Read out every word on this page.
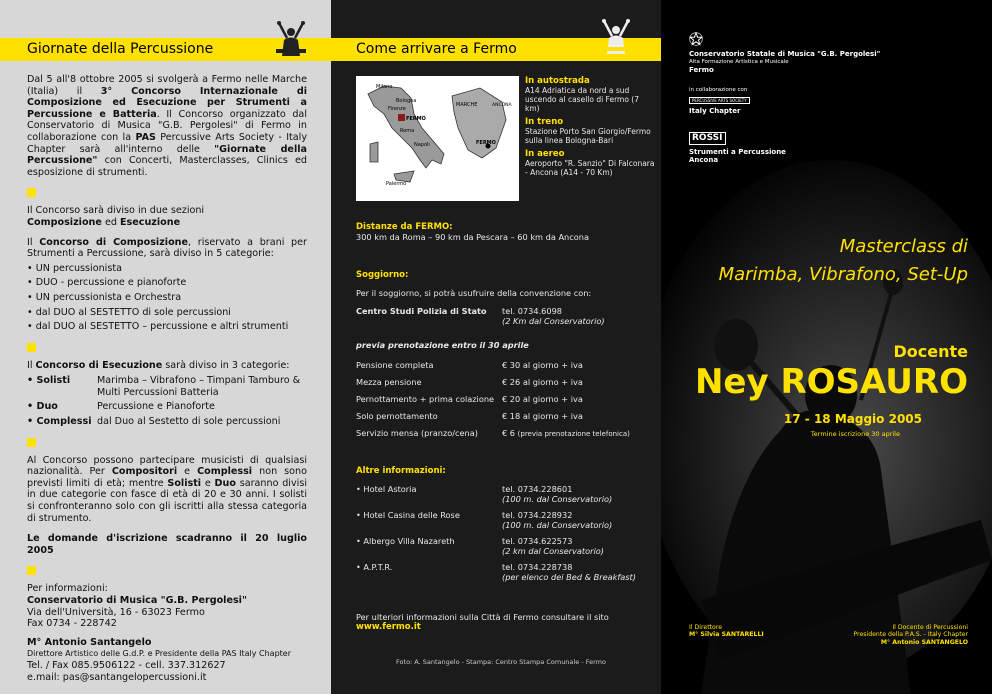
Giornate della Percussione

Dal 5 all'8 ottobre 2005 si svolgerà a Fermo nelle Marche (Italia) il 3° Concorso Internazionale di Composizione ed Esecuzione per Strumenti a Percussione e Batteria. Il Concorso organizzato dal Conservatorio di Musica "G.B. Pergolesi" di Fermo in collaborazione con la PAS Percussive Arts Society - Italy Chapter sarà all'interno delle "Giornate della Percussione" con Concerti, Masterclasses, Clinics ed esposizione di strumenti.

Il Concorso sarà diviso in due sezioni
Composizione ed Esecuzione

Il Concorso di Composizione, riservato a brani per Strumenti a Percussione, sarà diviso in 5 categorie:

• UN percussionista
• DUO - percussione e pianoforte
• UN percussionista e Orchestra
• dal DUO al SESTETTO di sole percussioni
• dal DUO al SESTETTO – percussione e altri strumenti

Il Concorso di Esecuzione sarà diviso in 3 categorie:

• Solisti	Marimba – Vibrafono – Timpani Tamburo & Multi Percussioni Batteria
• Duo	Percussione e Pianoforte
• Complessi dal Duo al Sestetto di sole percussioni

Al Concorso possono partecipare musicisti di qualsiasi nazionalità. Per Compositori e Complessi non sono previsti limiti di età; mentre Solisti e Duo saranno divisi in due categorie con fasce di età di 20 e 30 anni. I solisti si confronteranno solo con gli iscritti alla stessa categoria di strumento.

Le domande d'iscrizione scadranno il 20 luglio 2005

Per informazioni:

Conservatorio di Musica "G.B. Pergolesi"

Via dell'Università, 16 - 63023 Fermo

Fax 0734 - 228742

M° Antonio Santangelo

Direttore Artistico delle G.d.P. e Presidente della PAS Italy Chapter

Tel. / Fax 085.9506122 - cell. 337.312627

e.mail: pas@santangelopercussioni.it

Come arrivare a Fermo
Milano
Bologna
Firenze
FERMO
Roma
Napoli
Palermo
MARCHE	ANCONA
FERMO
In autostrada
A14 Adriatica da nord a sud uscendo al casello di Fermo (7 km)
In treno
Stazione Porto San Giorgio/Fermo sulla linea Bologna-Bari
In aereo
Aeroporto "R. Sanzio" Di Falconara - Ancona (A14 - 70 Km)
Distanze da FERMO:
300 km da Roma – 90 km da Pescara – 60 km da Ancona
Soggiorno:
Per il soggiorno, si potrà usufruire della convenzione con:
Centro Studi Polizia di Stato	tel. 0734.6098
(2 Km dal Conservatorio)
previa prenotazione entro il 30 aprile
Pensione completa	€ 30 al giorno + iva
Mezza pensione	€ 26 al giorno + iva
Pernottamento + prima colazione € 20 al giorno + iva
Solo pernottamento	€ 18 al giorno + iva
Servizio mensa (pranzo/cena)	€ 6 (previa prenotazione telefonica)
Altre informazioni:
• Hotel Astoria	tel. 0734.228601
(100 m. dal Conservatorio)
• Hotel Casina delle Rose	tel. 0734.228932
(100 m. dal Conservatorio)
• Albergo Villa Nazareth	tel. 0734.622573
(2 km dal Conservatorio)
• A.P.T.R.	tel. 0734.228738
(per elenco dei Bed & Breakfast)
Per ulteriori informazioni sulla Città di Fermo consultare il sito
www.fermo.it
Foto: A. Santangelo - Stampa: Centro Stampa Comunale - Fermo
Conservatorio Statale di Musica "G.B. Pergolesi"
Alta Formazione Artistica e Musicale
Fermo
in collaborazione con
PERCUSSIVE ARTS SOCIETY
Italy Chapter
ROSSI
Strumenti a Percussione
Ancona
Masterclass di
Marimba, Vibrafono, Set-Up
Docente
Ney ROSAURO
17 - 18 Maggio 2005
Termine iscrizione 30 aprile
Il Direttore
M° Silvia SANTARELLI
Il Docente di Percussioni
Presidente della P.A.S. - Italy Chapter
M° Antonio SANTANGELO
